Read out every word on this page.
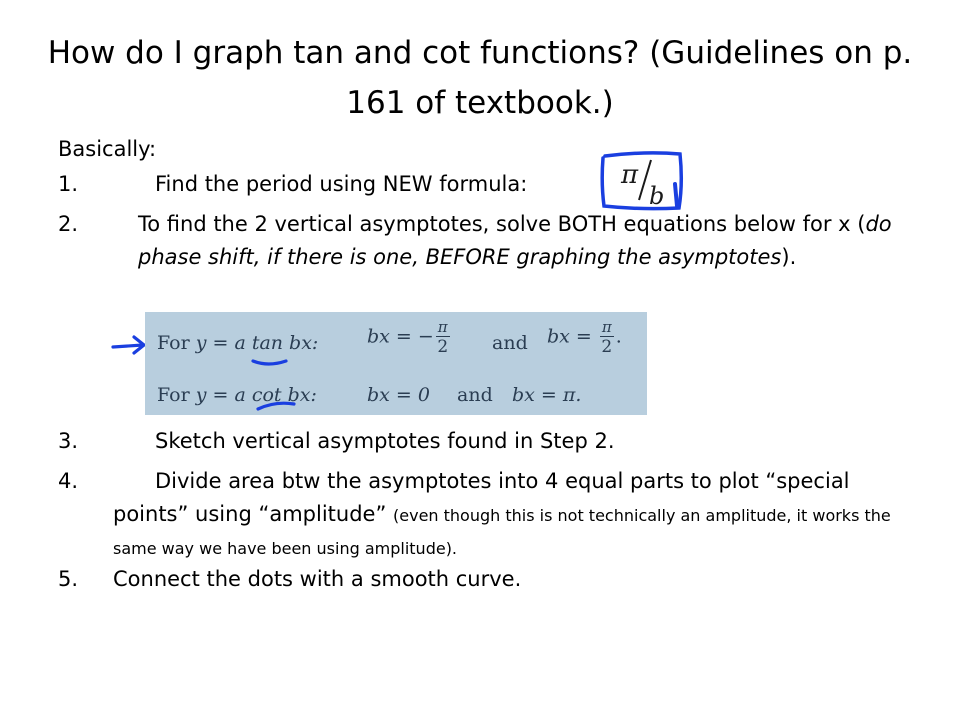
How do I graph tan and cot functions? (Guidelines on p. 161 of textbook.)
Basically:
1.	Find the period using NEW formula:	π
b
2.	To find the 2 vertical asymptotes, solve BOTH equations below for x (do phase shift, if there is one, BEFORE graphing the asymptotes).
For y = a tan bx:	bx = − $\frac{\pi}{2}$ and bx = $\frac{\pi}{2}$ .
For y = a cot bx:	bx = 0 and bx = π.
3.	Sketch vertical asymptotes found in Step 2.
4.	Divide area btw the asymptotes into 4 equal parts to plot “special points” using “amplitude” (even though this is not technically an amplitude, it works the same way we have been using amplitude).
5.	Connect the dots with a smooth curve.
